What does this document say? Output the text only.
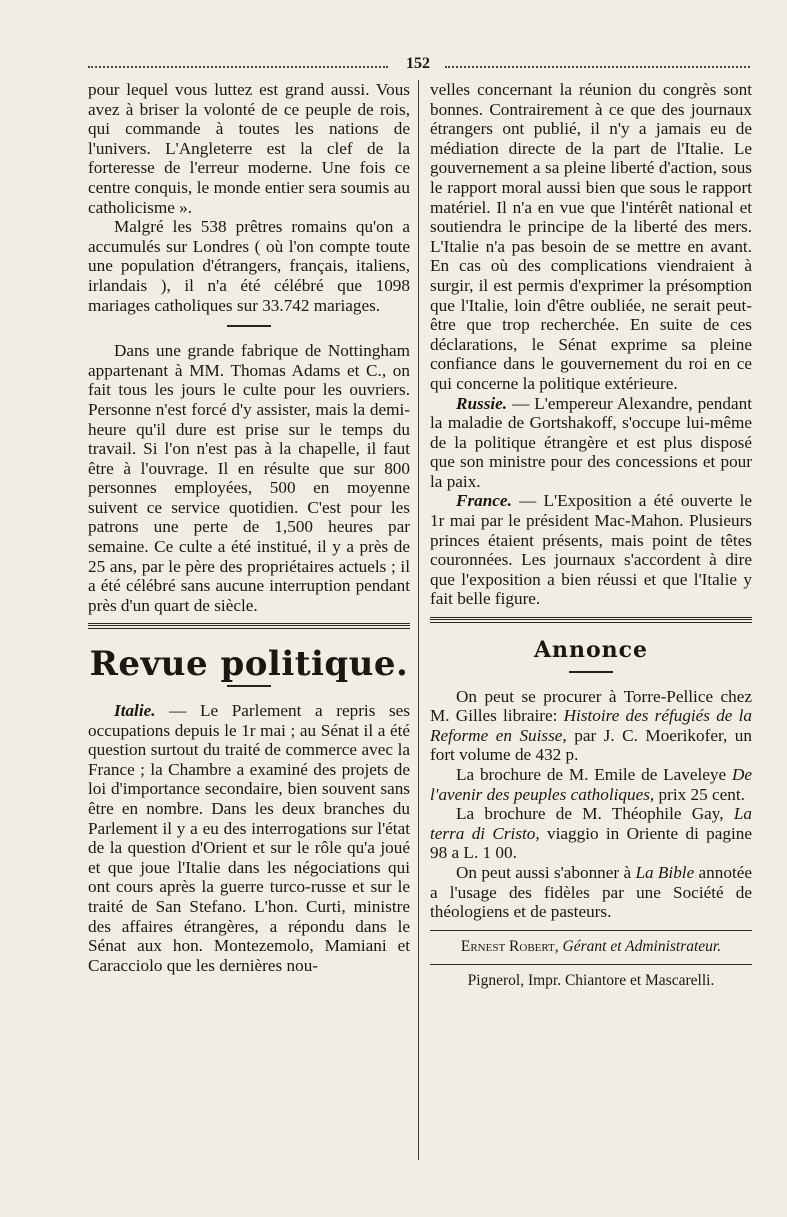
152

pour lequel vous luttez est grand aussi. Vous avez à briser la volonté de ce peuple de rois, qui commande à toutes les nations de l'univers. L'Angleterre est la clef de la forteresse de l'erreur moderne. Une fois ce centre conquis, le monde entier sera soumis au catholicisme ».

Malgré les 538 prêtres romains qu'on a accumulés sur Londres ( où l'on compte toute une population d'étrangers, français, italiens, irlandais ), il n'a été célébré que 1098 mariages catholiques sur 33.742 mariages.

Dans une grande fabrique de Nottingham appartenant à MM. Thomas Adams et C., on fait tous les jours le culte pour les ouvriers. Personne n'est forcé d'y assister, mais la demi-heure qu'il dure est prise sur le temps du travail. Si l'on n'est pas à la chapelle, il faut être à l'ouvrage. Il en résulte que sur 800 personnes employées, 500 en moyenne suivent ce service quotidien. C'est pour les patrons une perte de 1,500 heures par semaine. Ce culte a été institué, il y a près de 25 ans, par le père des propriétaires actuels ; il a été célébré sans aucune interruption pendant près d'un quart de siècle.

Revue politique.

Italie. — Le Parlement a repris ses occupations depuis le 1r mai ; au Sénat il a été question surtout du traité de commerce avec la France ; la Chambre a examiné des projets de loi d'importance secondaire, bien souvent sans être en nombre. Dans les deux branches du Parlement il y a eu des interrogations sur l'état de la question d'Orient et sur le rôle qu'a joué et que joue l'Italie dans les négociations qui ont cours après la guerre turco-russe et sur le traité de San Stefano. L'hon. Curti, ministre des affaires étrangères, a répondu dans le Sénat aux hon. Montezemolo, Mamiani et Caracciolo que les dernières nou-

velles concernant la réunion du congrès sont bonnes. Contrairement à ce que des journaux étrangers ont publié, il n'y a jamais eu de médiation directe de la part de l'Italie. Le gouvernement a sa pleine liberté d'action, sous le rapport moral aussi bien que sous le rapport matériel. Il n'a en vue que l'intérêt national et soutiendra le principe de la liberté des mers. L'Italie n'a pas besoin de se mettre en avant. En cas où des complications viendraient à surgir, il est permis d'exprimer la présomption que l'Italie, loin d'être oubliée, ne serait peut-être que trop recherchée. En suite de ces déclarations, le Sénat exprime sa pleine confiance dans le gouvernement du roi en ce qui concerne la politique extérieure.

Russie. — L'empereur Alexandre, pendant la maladie de Gortshakoff, s'occupe lui-même de la politique étrangère et est plus disposé que son ministre pour des concessions et pour la paix.

France. — L'Exposition a été ouverte le 1r mai par le président Mac-Mahon. Plusieurs princes étaient présents, mais point de têtes couronnées. Les journaux s'accordent à dire que l'exposition a bien réussi et que l'Italie y fait belle figure.

Annonce

On peut se procurer à Torre-Pellice chez M. Gilles libraire: Histoire des réfugiés de la Reforme en Suisse, par J. C. Moerikofer, un fort volume de 432 p.

La brochure de M. Emile de Laveleye De l'avenir des peuples catholiques, prix 25 cent.

La brochure de M. Théophile Gay, La terra di Cristo, viaggio in Oriente di pagine 98 a L. 1 00.

On peut aussi s'abonner à La Bible annotée a l'usage des fidèles par une Société de théologiens et de pasteurs.

Ernest Robert, Gérant et Administrateur.
Pignerol, Impr. Chiantore et Mascarelli.
